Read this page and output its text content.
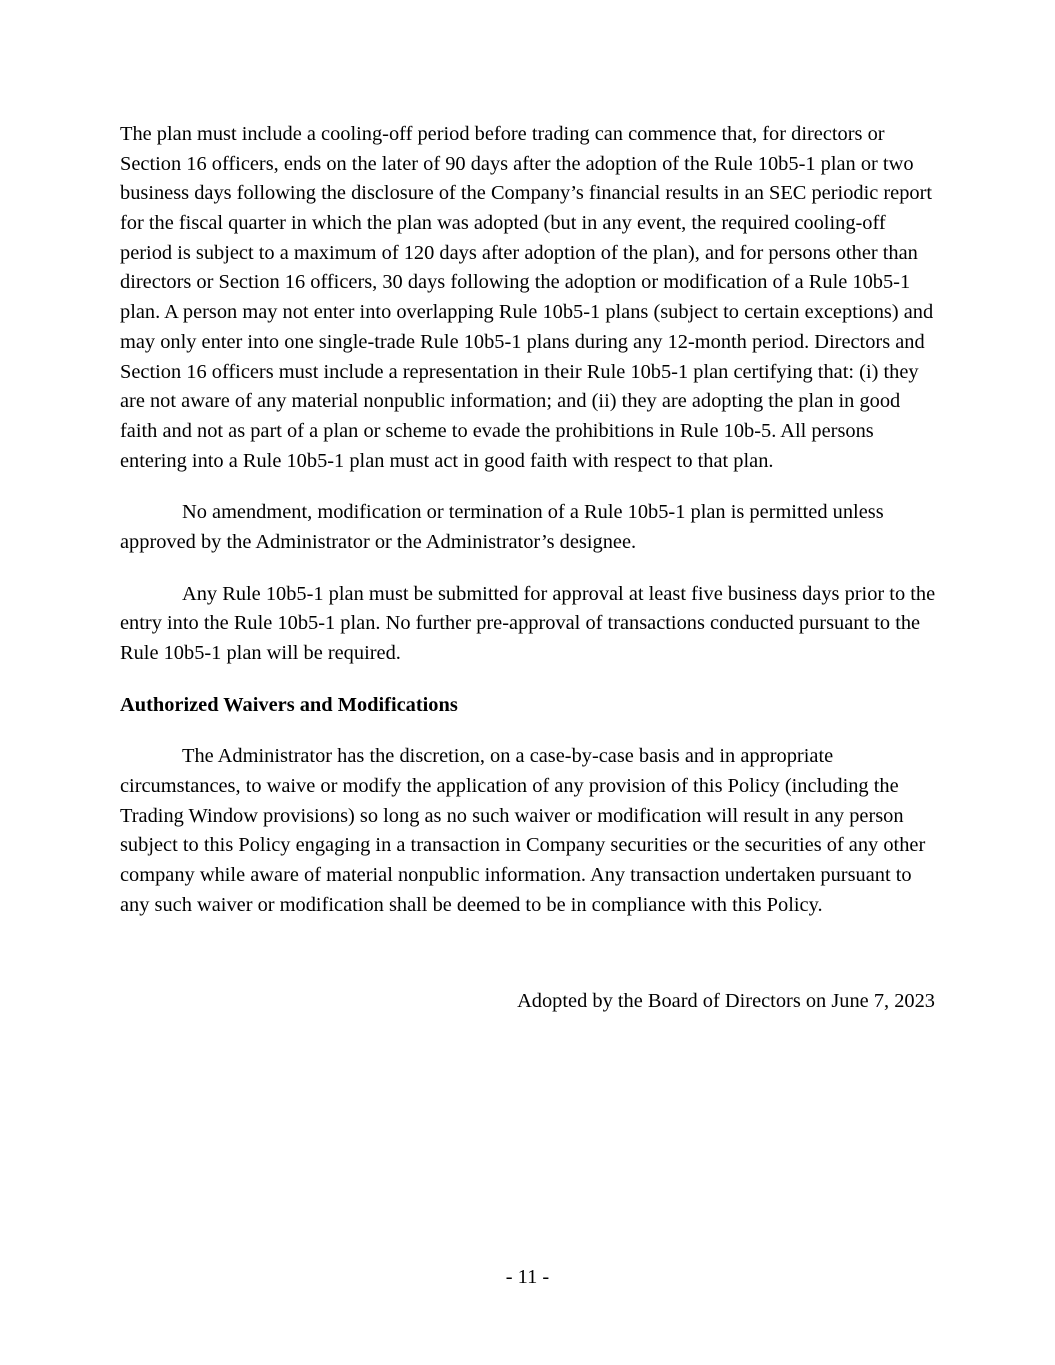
The plan must include a cooling-off period before trading can commence that, for directors or Section 16 officers, ends on the later of 90 days after the adoption of the Rule 10b5-1 plan or two business days following the disclosure of the Company’s financial results in an SEC periodic report for the fiscal quarter in which the plan was adopted (but in any event, the required cooling-off period is subject to a maximum of 120 days after adoption of the plan), and for persons other than directors or Section 16 officers, 30 days following the adoption or modification of a Rule 10b5-1 plan. A person may not enter into overlapping Rule 10b5-1 plans (subject to certain exceptions) and may only enter into one single-trade Rule 10b5-1 plans during any 12-month period. Directors and Section 16 officers must include a representation in their Rule 10b5-1 plan certifying that: (i) they are not aware of any material nonpublic information; and (ii) they are adopting the plan in good faith and not as part of a plan or scheme to evade the prohibitions in Rule 10b-5. All persons entering into a Rule 10b5-1 plan must act in good faith with respect to that plan.

No amendment, modification or termination of a Rule 10b5-1 plan is permitted unless approved by the Administrator or the Administrator’s designee.

Any Rule 10b5-1 plan must be submitted for approval at least five business days prior to the entry into the Rule 10b5-1 plan. No further pre-approval of transactions conducted pursuant to the Rule 10b5-1 plan will be required.

Authorized Waivers and Modifications

The Administrator has the discretion, on a case-by-case basis and in appropriate circumstances, to waive or modify the application of any provision of this Policy (including the Trading Window provisions) so long as no such waiver or modification will result in any person subject to this Policy engaging in a transaction in Company securities or the securities of any other company while aware of material nonpublic information. Any transaction undertaken pursuant to any such waiver or modification shall be deemed to be in compliance with this Policy.

Adopted by the Board of Directors on June 7, 2023

- 11 -
